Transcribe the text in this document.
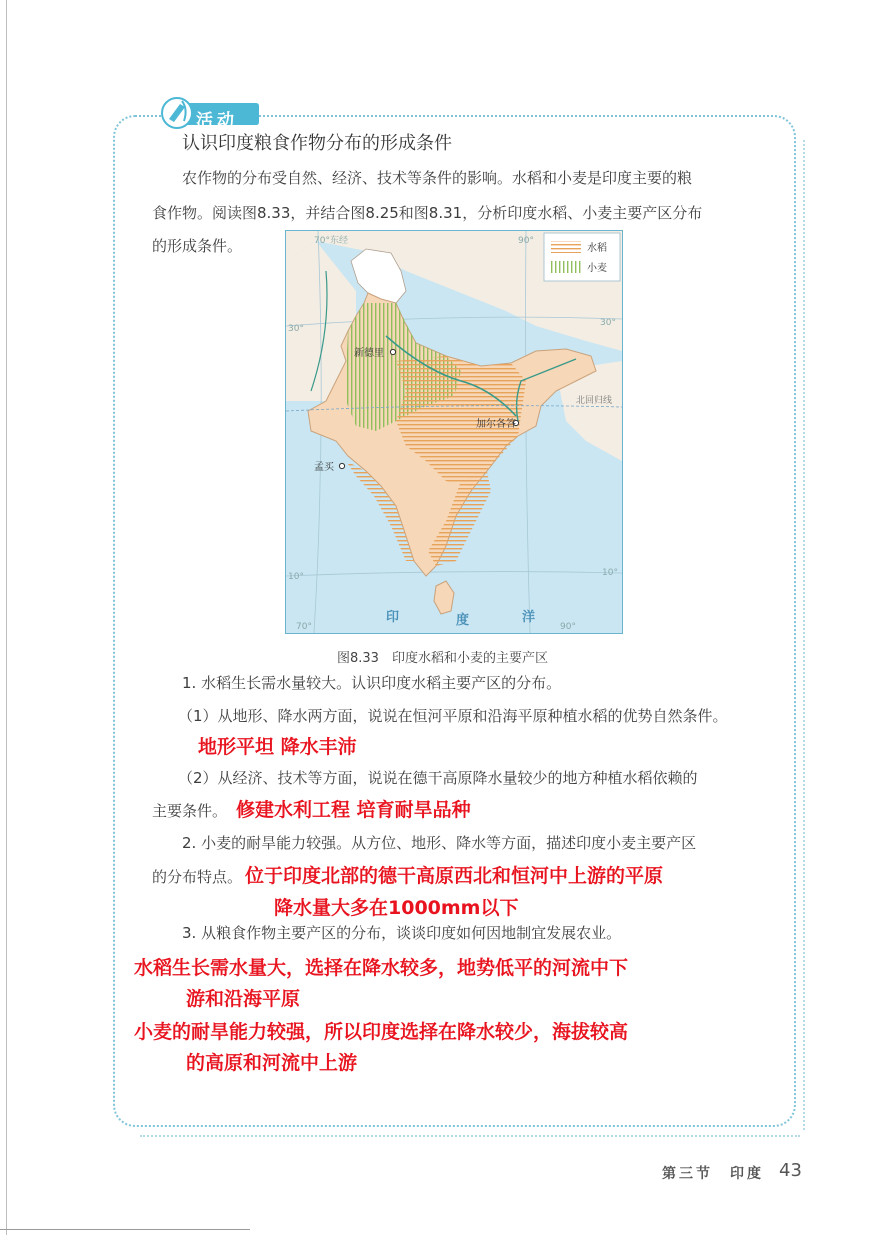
活动
认识印度粮食作物分布的形成条件
农作物的分布受自然、经济、技术等条件的影响。水稻和小麦是印度主要的粮
食作物。阅读图8.33，并结合图8.25和图8.31，分析印度水稻、小麦主要产区分布
的形成条件。
新德里
加尔各答
孟买
北回归线
70°东经	90°
30°
30°
10°	10°
70°	90°
印	度	洋
水稻
小麦
图8.33　印度水稻和小麦的主要产区
1. 水稻生长需水量较大。认识印度水稻主要产区的分布。
（1）从地形、降水两方面，说说在恒河平原和沿海平原种植水稻的优势自然条件。
地形平坦 降水丰沛
（2）从经济、技术等方面，说说在德干高原降水量较少的地方种植水稻依赖的
主要条件。 修建水利工程 培育耐旱品种
2. 小麦的耐旱能力较强。从方位、地形、降水等方面，描述印度小麦主要产区
的分布特点。 位于印度北部的德干高原西北和恒河中上游的平原
降水量大多在1000mm以下
3. 从粮食作物主要产区的分布，谈谈印度如何因地制宜发展农业。
水稻生长需水量大，选择在降水较多，地势低平的河流中下
游和沿海平原
小麦的耐旱能力较强，所以印度选择在降水较少，海拔较高
的高原和河流中上游
第三节　印度 43
